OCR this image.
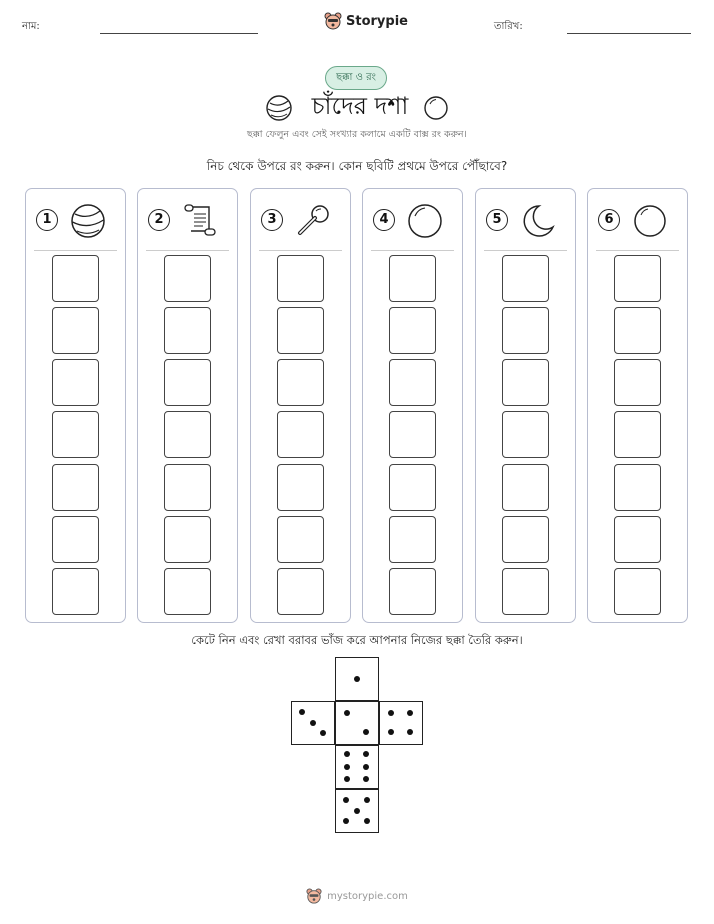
নাম:	Storypie	তারিখ:
ছক্কা ও রং
চাঁদের দশা
ছক্কা ফেলুন এবং সেই সংখ্যার কলামে একটি বাক্স রং করুন।
নিচ থেকে উপরে রং করুন। কোন ছবিটি প্রথমে উপরে পৌঁছাবে?
1	2	3	4	5	6
কেটে নিন এবং রেখা বরাবর ভাঁজ করে আপনার নিজের ছক্কা তৈরি করুন।
mystorypie.com
